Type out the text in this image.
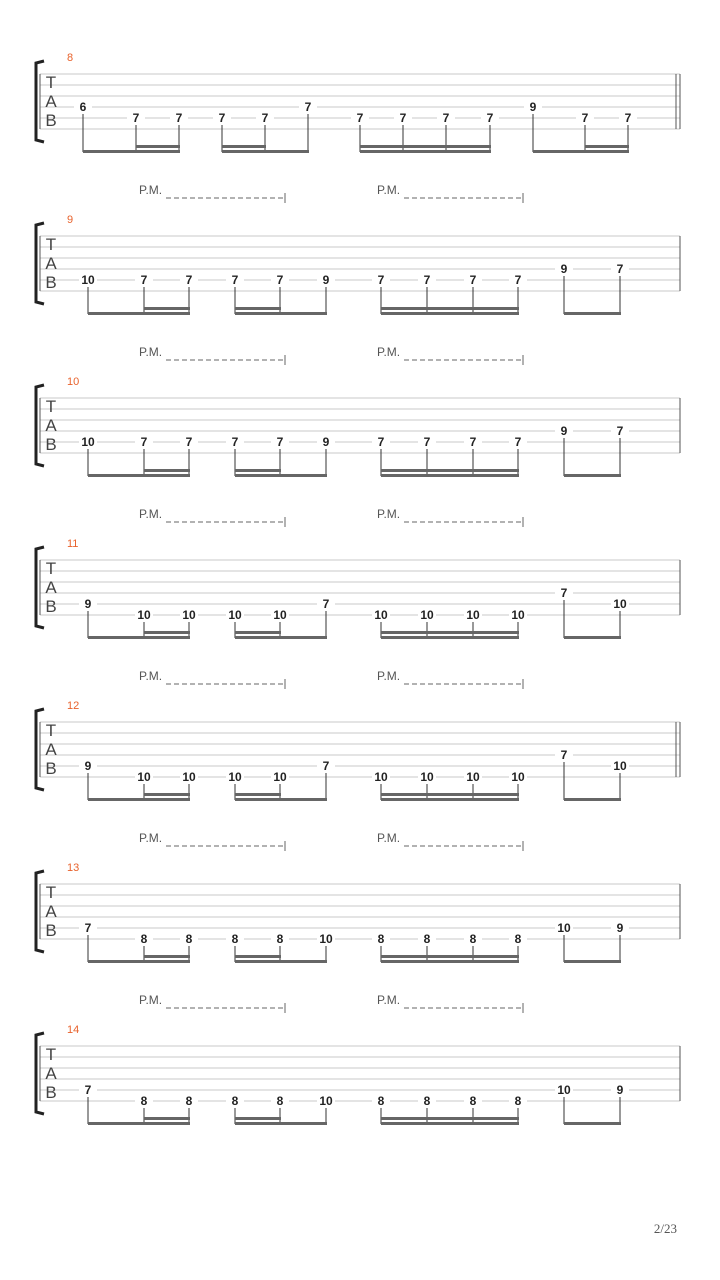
8
T
A
B
6
7	7	7	7
7
7	7	7	7
9
7	7
P.M.	P.M.
9
T
A
B 10	7	7	7	7	9	7	7	7	7
9	7
P.M.	P.M.
10
T
A
B 10	7	7	7	7	9	7	7	7	7
9	7
P.M.	P.M.
11
T
A
B 9
10	10	10	10
7
10	10	10	10
7
10
P.M.	P.M.
12
T
A
B 9
10	10	10	10
7
10	10	10	10
7
10
P.M.	P.M.
13
T
A
B 7
8	8	8	8	10	8	8	8	8
10	9
P.M.	P.M.
14
T
A
B 7
8	8	8	8	10	8	8	8	8
10	9
2/23
